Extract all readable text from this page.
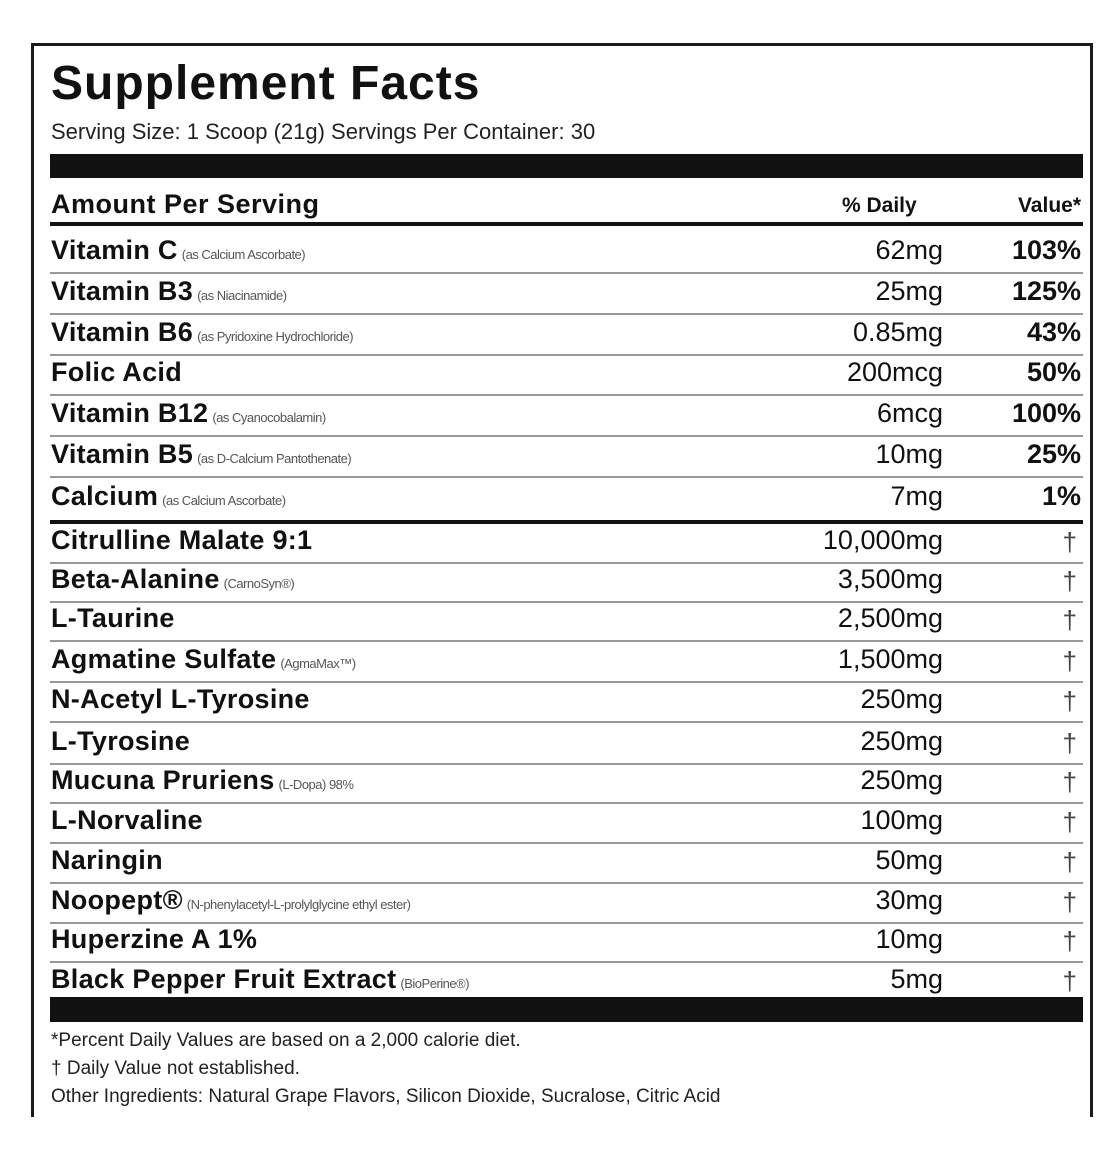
Supplement Facts
Serving Size: 1 Scoop (21g) Servings Per Container: 30
Amount Per Serving	% Daily	Value*
Vitamin C (as Calcium Ascorbate)	62mg	103%
Vitamin B3 (as Niacinamide)	25mg	125%
Vitamin B6 (as Pyridoxine Hydrochloride)	0.85mg	43%
Folic Acid	200mcg	50%
Vitamin B12 (as Cyanocobalamin)	6mcg	100%
Vitamin B5 (as D-Calcium Pantothenate)	10mg	25%
Calcium (as Calcium Ascorbate)	7mg	1%
Citrulline Malate 9:1	10,000mg	†
Beta-Alanine (CarnoSyn®)	3,500mg	†
L-Taurine	2,500mg	†
Agmatine Sulfate (AgmaMax™)	1,500mg	†
N-Acetyl L-Tyrosine	250mg	†
L-Tyrosine	250mg	†
Mucuna Pruriens (L-Dopa) 98%	250mg	†
L-Norvaline	100mg	†
Naringin	50mg	†
Noopept® (N-phenylacetyl-L-prolylglycine ethyl ester)	30mg	†
Huperzine A 1%	10mg	†
Black Pepper Fruit Extract (BioPerine®)	5mg	†
*Percent Daily Values are based on a 2,000 calorie diet.
† Daily Value not established.
Other Ingredients: Natural Grape Flavors, Silicon Dioxide, Sucralose, Citric Acid
